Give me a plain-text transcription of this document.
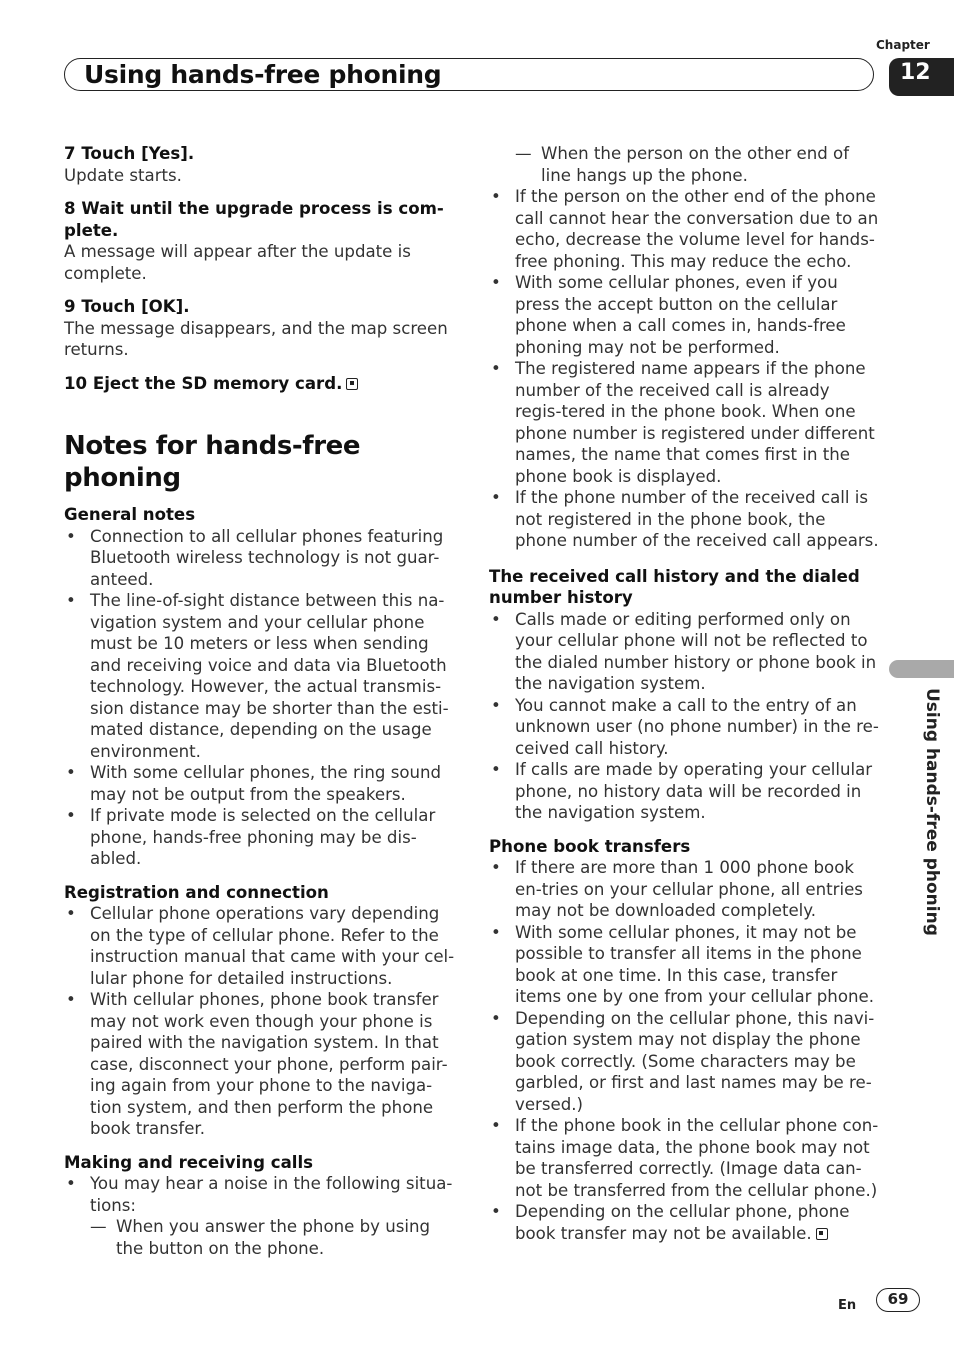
Chapter
Using hands-free phoning	12
Using hands-free phoning
7 Touch [Yes].

Update starts.

8 Wait until the upgrade process is com-plete.

A message will appear after the update is complete.

9 Touch [OK].

The message disappears, and the map screen returns.

10 Eject the SD memory card.
Notes for hands-free phoning
General notes
• Connection to all cellular phones featuring Bluetooth wireless technology is not guar-anteed.
• The line-of-sight distance between this na-vigation system and your cellular phone must be 10 meters or less when sending and receiving voice and data via Bluetooth technology. However, the actual transmis-sion distance may be shorter than the esti-mated distance, depending on the usage environment.
• With some cellular phones, the ring sound may not be output from the speakers.
• If private mode is selected on the cellular phone, hands-free phoning may be dis-abled.
Registration and connection
• Cellular phone operations vary depending on the type of cellular phone. Refer to the instruction manual that came with your cel-lular phone for detailed instructions.
• With cellular phones, phone book transfer may not work even though your phone is paired with the navigation system. In that case, disconnect your phone, perform pair-ing again from your phone to the naviga-tion system, and then perform the phone book transfer.
Making and receiving calls
• You may hear a noise in the following situa-tions:
— When you answer the phone by using the button on the phone.
— When the person on the other end of line hangs up the phone.
• If the person on the other end of the phone call cannot hear the conversation due to an echo, decrease the volume level for hands-free phoning. This may reduce the echo.
• With some cellular phones, even if you press the accept button on the cellular phone when a call comes in, hands-free phoning may not be performed.
• The registered name appears if the phone number of the received call is already regis-tered in the phone book. When one phone number is registered under different names, the name that comes first in the phone book is displayed.
• If the phone number of the received call is not registered in the phone book, the phone number of the received call appears.
The received call history and the dialed number history
• Calls made or editing performed only on your cellular phone will not be reflected to the dialed number history or phone book in the navigation system.
• You cannot make a call to the entry of an unknown user (no phone number) in the re-ceived call history.
• If calls are made by operating your cellular phone, no history data will be recorded in the navigation system.
Phone book transfers
• If there are more than 1 000 phone book en-tries on your cellular phone, all entries may not be downloaded completely.
• With some cellular phones, it may not be possible to transfer all items in the phone book at one time. In this case, transfer items one by one from your cellular phone.
• Depending on the cellular phone, this navi-gation system may not display the phone book correctly. (Some characters may be garbled, or first and last names may be re-versed.)
• If the phone book in the cellular phone con-tains image data, the phone book may not be transferred correctly. (Image data can-not be transferred from the cellular phone.)
• Depending on the cellular phone, phone book transfer may not be available.
En	69
